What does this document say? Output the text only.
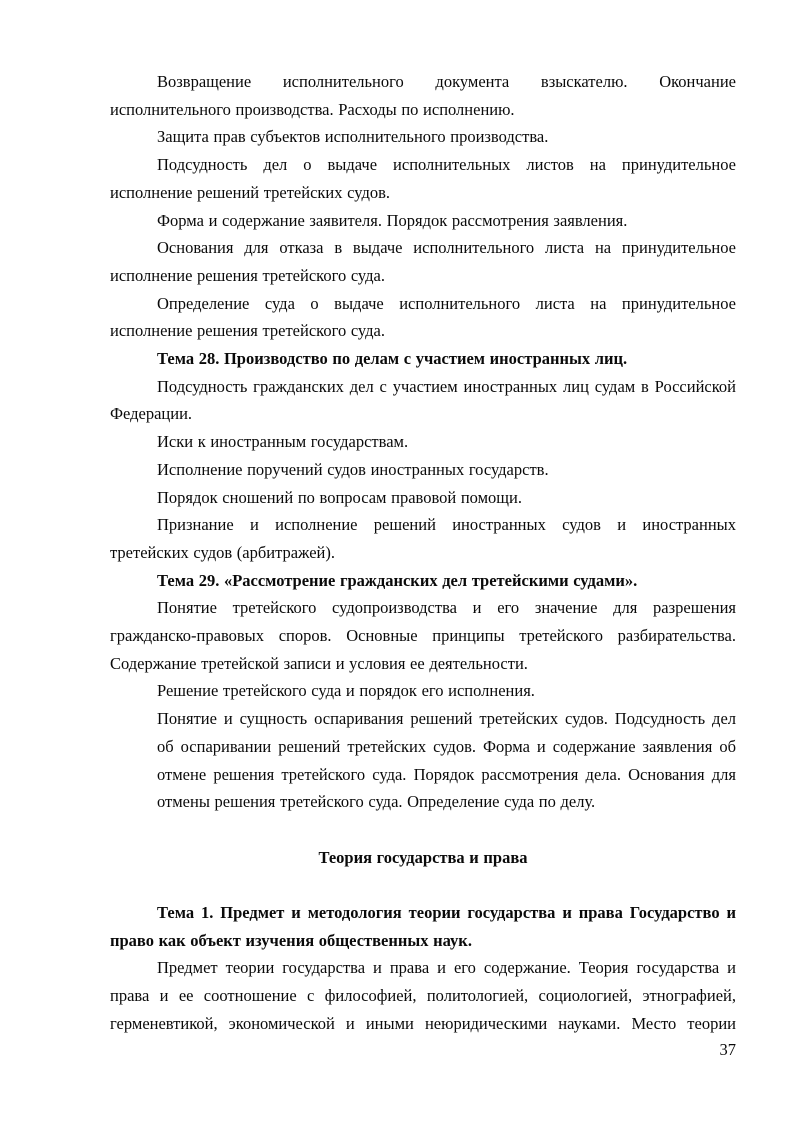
Возвращение исполнительного документа взыскателю. Окончание исполнительного производства. Расходы по исполнению.

Защита прав субъектов исполнительного производства.

Подсудность дел о выдаче исполнительных листов на принудительное исполнение решений третейских судов.

Форма и содержание заявителя. Порядок рассмотрения заявления.

Основания для отказа в выдаче исполнительного листа на принудительное исполнение решения третейского суда.

Определение суда о выдаче исполнительного листа на принудительное исполнение решения третейского суда.

Тема 28. Производство по делам с участием иностранных лиц.

Подсудность гражданских дел с участием иностранных лиц судам в Российской Федерации.

Иски к иностранным государствам.

Исполнение поручений судов иностранных государств.

Порядок сношений по вопросам правовой помощи.

Признание и исполнение решений иностранных судов и иностранных третейских судов (арбитражей).

Тема 29. «Рассмотрение гражданских дел третейскими судами».

Понятие третейского судопроизводства и его значение для разрешения гражданско-правовых споров. Основные принципы третейского разбирательства. Содержание третейской записи и условия ее деятельности.

Решение третейского суда и порядок его исполнения.

Понятие и сущность оспаривания решений третейских судов. Подсудность дел об оспаривании решений третейских судов. Форма и содержание заявления об отмене решения третейского суда. Порядок рассмотрения дела. Основания для отмены решения третейского суда. Определение суда по делу.

Теория государства и права

Тема 1. Предмет и методология теории государства и права Государство и право как объект изучения общественных наук.

Предмет теории государства и права и его содержание. Теория государства и права и ее соотношение с философией, политологией, социологией, этнографией, герменевтикой, экономической и иными неюридическими науками. Место теории

37
